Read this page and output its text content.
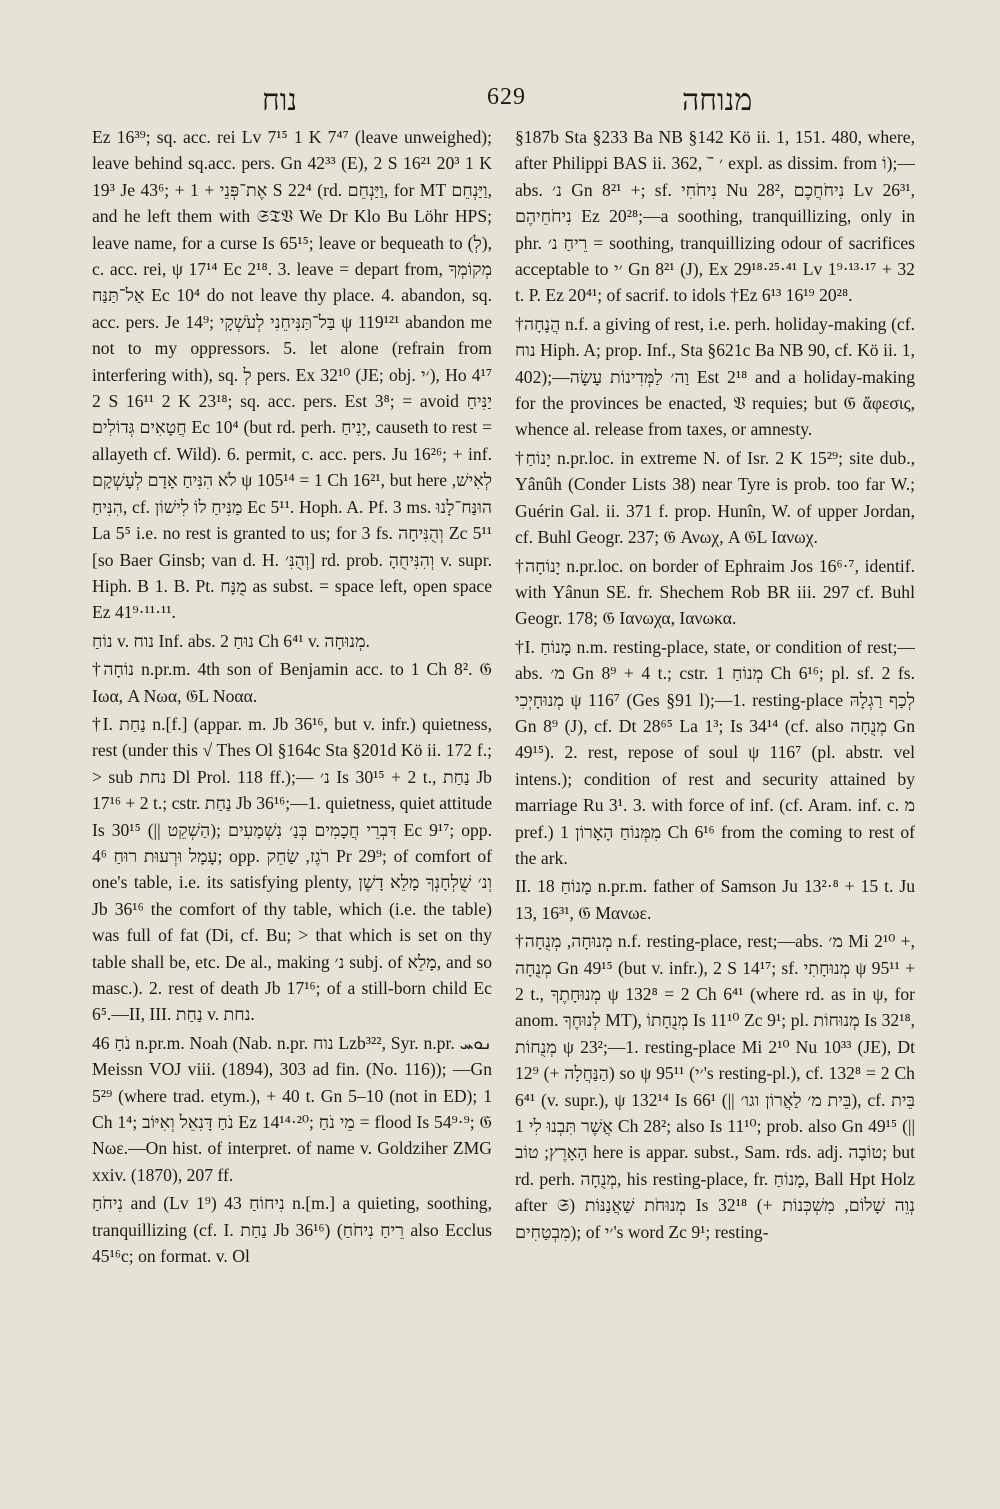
נוח	629	מנוחה

Ez 16³⁹; sq. acc. rei Lv 7¹⁵ 1 K 7⁴⁷ (leave unweighed); leave behind sq.acc. pers. Gn 42³³ (E), 2 S 16²¹ 20³ 1 K 19³ Je 43⁶; + אֶת־פְּנֵי + 1 S 22⁴ (rd. וַיַּנְחֵם, for MT וַיַּנְחֵם, and he left them with 𝔖𝔗𝔙 We Dr Klo Bu Löhr HPS; leave name, for a curse Is 65¹⁵; leave or bequeath to (לְ), c. acc. rei, ψ 17¹⁴ Ec 2¹⁸. 3. leave = depart from, מְקוֹמְךָ אַל־תַּנַּח Ec 10⁴ do not leave thy place. 4. abandon, sq. acc. pers. Je 14⁹; בַּל־תַּנִּיחֵנִי לְעֹשְׁקָי ψ 119¹²¹ abandon me not to my oppressors. 5. let alone (refrain from interfering with), sq. לְ pers. Ex 32¹⁰ (JE; obj. ׳י), Ho 4¹⁷ 2 S 16¹¹ 2 K 23¹⁸; sq. acc. pers. Est 3⁸; = avoid יַנִּיחַ חֲטָאִים גְּדוֹלִים Ec 10⁴ (but rd. perh. יָנִיחַ, causeth to rest = allayeth cf. Wild). 6. permit, c. acc. pers. Ju 16²⁶; + inf. לֹא הִנִּיחַ אָדָם לְעָשְׁקָם ψ 105¹⁴ = 1 Ch 16²¹, but here לְאִישׁ, הִנִּיחַ, cf. מַנִּיחַ לוֹ לִישׁוֹן Ec 5¹¹. Hoph. A. Pf. 3 ms. הוּנַּח־לָנוּ La 5⁵ i.e. no rest is granted to us; for 3 fs. וְהֻנִּיחָה Zc 5¹¹ [so Baer Ginsb; van d. H. וְהֻנִּ׳] rd. prob. וְהִנִּיחֻהָ v. supr. Hiph. B 1. B. Pt. מֻנָּח as subst. = space left, open space Ez 41⁹·¹¹·¹¹.

נוֹחַ v. נוח Inf. abs. נוּחַ 2 Ch 6⁴¹ v. מְנוּחָה.

†נוֹחָה n.pr.m. 4th son of Benjamin acc. to 1 Ch 8². 𝔊 Ιωα, A Νωα, 𝔊L Νοαα.

†I. נַחַת n.[f.] (appar. m. Jb 36¹⁶, but v. infr.) quietness, rest (under this √ Thes Ol §164c Sta §201d Kö ii. 172 f.; > sub נחת Dl Prol. 118 ff.);— נ׳ Is 30¹⁵ + 2 t., נַחַת Jb 17¹⁶ + 2 t.; cstr. נַחַת Jb 36¹⁶;—1. quietness, quiet attitude Is 30¹⁵ (|| הַשְׁקֵט); דִּבְרֵי חֲכָמִים בְּנַ׳ נִשְׁמָעִים Ec 9¹⁷; opp. עָמָל וּרְעוּת רוּחַ 4⁶; opp. רֹגֶז, שַׂחֵק Pr 29⁹; of comfort of one's table, i.e. its satisfying plenty, וְנ׳ שֻׁלְחָנְךָ מָלֵא דָשֶׁן Jb 36¹⁶ the comfort of thy table, which (i.e. the table) was full of fat (Di, cf. Bu; > that which is set on thy table shall be, etc. De al., making נ׳ subj. of מָלֵא, and so masc.). 2. rest of death Jb 17¹⁶; of a still-born child Ec 6⁵.—II, III. נַחַת v. נחת.

נֹחַ 46 n.pr.m. Noah (Nab. n.pr. נוח Lzb³²², Syr. n.pr. ܢܘܚ Meissn VOJ viii. (1894), 303 ad fin. (No. 116)); —Gn 5²⁹ (where trad. etym.), + 40 t. Gn 5–10 (not in ED); 1 Ch 1⁴; נֹחַ דָּנִאֵל וְאִיּוֹב Ez 14¹⁴·²⁰; מֵי נֹחַ = flood Is 54⁹·⁹; 𝔊 Νωε.—On hist. of interpret. of name v. Goldziher ZMG xxiv. (1870), 207 ff.

נִיחֹחַ and (Lv 1⁹) נִיחוֹחַ 43 n.[m.] a quieting, soothing, tranquillizing (cf. I. נַחַת Jb 36¹⁶) (רֵיחַ נִיחֹחַ also Ecclus 45¹⁶c; on format. v. Ol

§187b Sta §233 Ba NB §142 Kö ii. 1, 151. 480, where, after Philippi BAS ii. 362, ׳ ־ֹ expl. as dissim. from וֹ);—abs. נ׳ Gn 8²¹ +; sf. נִיחֹחִי Nu 28², נִיחֹחֲכֶם Lv 26³¹, נִיחֹחֵיהֶם Ez 20²⁸;—a soothing, tranquillizing, only in phr. רֵיחַ נ׳ = soothing, tranquillizing odour of sacrifices acceptable to ׳י Gn 8²¹ (J), Ex 29¹⁸·²⁵·⁴¹ Lv 1⁹·¹³·¹⁷ + 32 t. P. Ez 20⁴¹; of sacrif. to idols †Ez 6¹³ 16¹⁹ 20²⁸.

†הֲנָחָה n.f. a giving of rest, i.e. perh. holiday-making (cf. נוח Hiph. A; prop. Inf., Sta §621c Ba NB 90, cf. Kö ii. 1, 402);—וַה׳ לַמְּדִינוֹת עָשָׂה Est 2¹⁸ and a holiday-making for the provinces be enacted, 𝔙 requies; but 𝔊 ἄφεσις, whence al. release from taxes, or amnesty.

†יָנוֹחַ n.pr.loc. in extreme N. of Isr. 2 K 15²⁹; site dub., Yânûh (Conder Lists 38) near Tyre is prob. too far W.; Guérin Gal. ii. 371 f. prop. Hunîn, W. of upper Jordan, cf. Buhl Geogr. 237; 𝔊 Ανωχ, A 𝔊L Ιανωχ.

†יָנוֹחָה n.pr.loc. on border of Ephraim Jos 16⁶·⁷, identif. with Yânun SE. fr. Shechem Rob BR iii. 297 cf. Buhl Geogr. 178; 𝔊 Ιανωχα, Ιανωκα.

†I. מָנוֹחַ n.m. resting-place, state, or condition of rest;—abs. מ׳ Gn 8⁹ + 4 t.; cstr. מְנוֹחַ 1 Ch 6¹⁶; pl. sf. 2 fs. מְנוּחָיְכִי ψ 116⁷ (Ges §91 l);—1. resting-place לְכַף רַגְלָהּ Gn 8⁹ (J), cf. Dt 28⁶⁵ La 1³; Is 34¹⁴ (cf. also מְנֻחָה Gn 49¹⁵). 2. rest, repose of soul ψ 116⁷ (pl. abstr. vel intens.); condition of rest and security attained by marriage Ru 3¹. 3. with force of inf. (cf. Aram. inf. c. מ pref.) מִמְּנוֹחַ הָאָרוֹן 1 Ch 6¹⁶ from the coming to rest of the ark.

II. מָנוֹחַ 18 n.pr.m. father of Samson Ju 13²·⁸ + 15 t. Ju 13, 16³¹, 𝔊 Μανωε.

†מְנוּחָה, מְנֻחָה n.f. resting-place, rest;—abs. מ׳ Mi 2¹⁰ +, מְנֻחָה Gn 49¹⁵ (but v. infr.), 2 S 14¹⁷; sf. מְנוּחָתִי ψ 95¹¹ + 2 t., מְנוּחָתֶךָ ψ 132⁸ = 2 Ch 6⁴¹ (where rd. as in ψ, for anom. לְנוּחֶךָ MT), מְנֻחָתוֹ Is 11¹⁰ Zc 9¹; pl. מְנוּחוֹת Is 32¹⁸, מְנֻחוֹת ψ 23²;—1. resting-place Mi 2¹⁰ Nu 10³³ (JE), Dt 12⁹ (+ הַנַּחֲלָה) so ψ 95¹¹ (׳י's resting-pl.), cf. 132⁸ = 2 Ch 6⁴¹ (v. supr.), ψ 132¹⁴ Is 66¹ (|| בֵּית מ׳ לַאֲרוֹן וגו׳), cf. בֵּית אֲשֶׁר תִּבְנוּ לִי 1 Ch 28²; also Is 11¹⁰; prob. also Gn 49¹⁵ (|| הָאָרֶץ; טוֹב here is appar. subst., Sam. rds. adj. טוֹבָה; but rd. perh. מְנֻחָה, his resting-place, fr. מָנוֹחַ, Ball Hpt Holz after 𝔖) מְנוּחֹת שַׁאֲנַנּוֹת Is 32¹⁸ (+ נְוֵה שָׁלוֹם, מִשְׁכְּנוֹת מִבְטַחִים); of ׳י's word Zc 9¹; resting-
